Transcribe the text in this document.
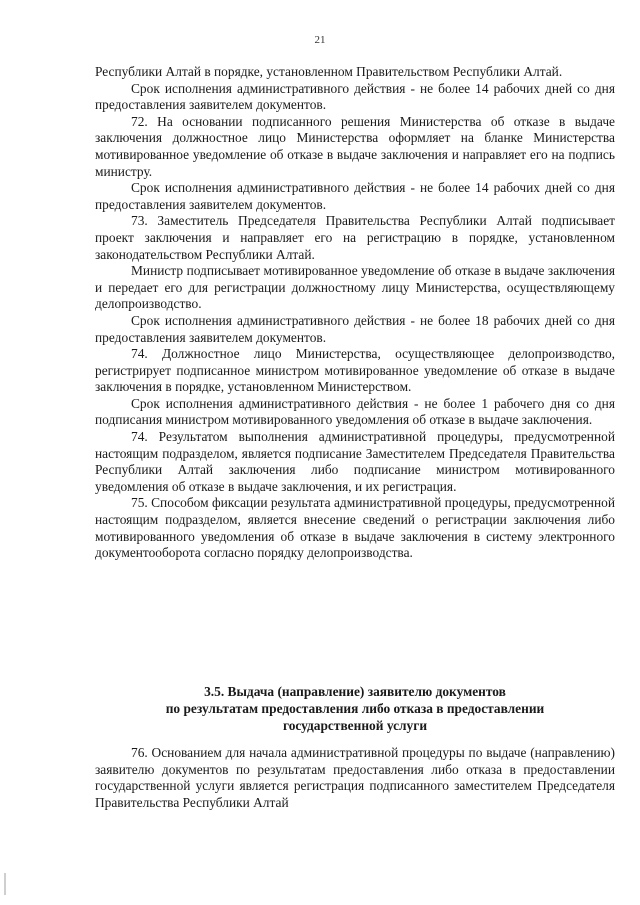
21

Республики Алтай в порядке, установленном Правительством Республики Алтай.

Срок исполнения административного действия - не более 14 рабочих дней со дня предоставления заявителем документов.

72. На основании подписанного решения Министерства об отказе в выдаче заключения должностное лицо Министерства оформляет на бланке Министерства мотивированное уведомление об отказе в выдаче заключения и направляет его на подпись министру.

Срок исполнения административного действия - не более 14 рабочих дней со дня предоставления заявителем документов.

73. Заместитель Председателя Правительства Республики Алтай подписывает проект заключения и направляет его на регистрацию в порядке, установленном законодательством Республики Алтай.

Министр подписывает мотивированное уведомление об отказе в выдаче заключения и передает его для регистрации должностному лицу Министерства, осуществляющему делопроизводство.

Срок исполнения административного действия - не более 18 рабочих дней со дня предоставления заявителем документов.

74. Должностное лицо Министерства, осуществляющее делопроизводство, регистрирует подписанное министром мотивированное уведомление об отказе в выдаче заключения в порядке, установленном Министерством.

Срок исполнения административного действия - не более 1 рабочего дня со дня подписания министром мотивированного уведомления об отказе в выдаче заключения.

74. Результатом выполнения административной процедуры, предусмотренной настоящим подразделом, является подписание Заместителем Председателя Правительства Республики Алтай заключения либо подписание министром мотивированного уведомления об отказе в выдаче заключения, и их регистрация.

75. Способом фиксации результата административной процедуры, предусмотренной настоящим подразделом, является внесение сведений о регистрации заключения либо мотивированного уведомления об отказе в выдаче заключения в систему электронного документооборота согласно порядку делопроизводства.

3.5. Выдача (направление) заявителю документов
по результатам предоставления либо отказа в предоставлении
государственной услуги

76. Основанием для начала административной процедуры по выдаче (направлению) заявителю документов по результатам предоставления либо отказа в предоставлении государственной услуги является регистрация подписанного заместителем Председателя Правительства Республики Алтай
